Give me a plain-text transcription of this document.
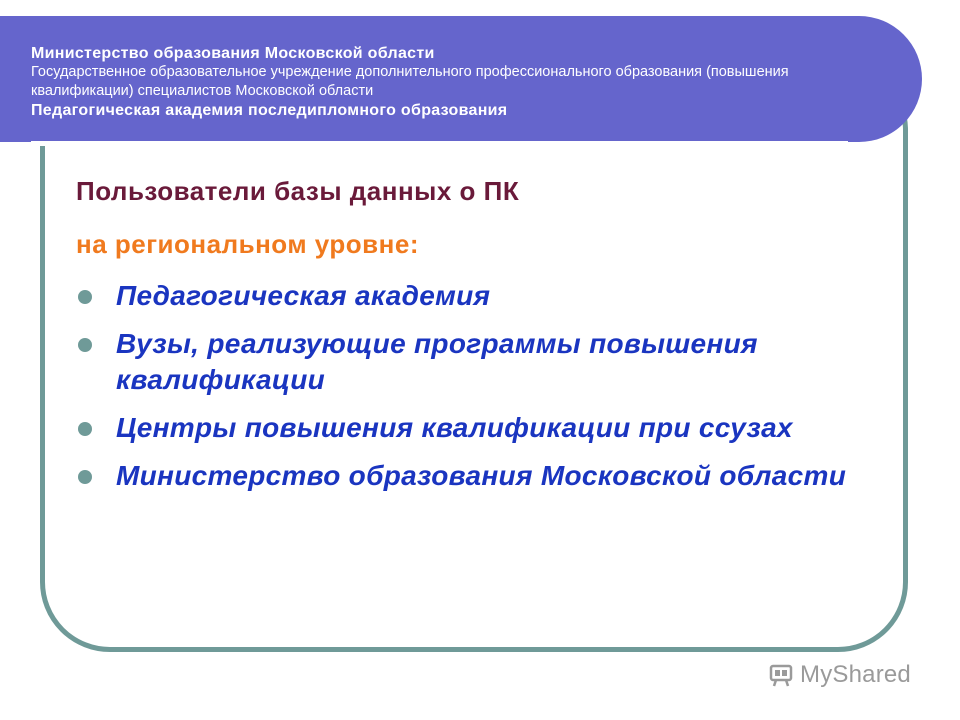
Министерство образования Московской области
Государственное образовательное учреждение дополнительного профессионального образования (повышения квалификации) специалистов Московской области
Педагогическая академия последипломного образования
Пользователи базы данных о ПК
на региональном уровне:
Педагогическая академия
Вузы, реализующие программы повышения квалификации
Центры повышения квалификации при ссузах
Министерство образования Московской области
MyShared
